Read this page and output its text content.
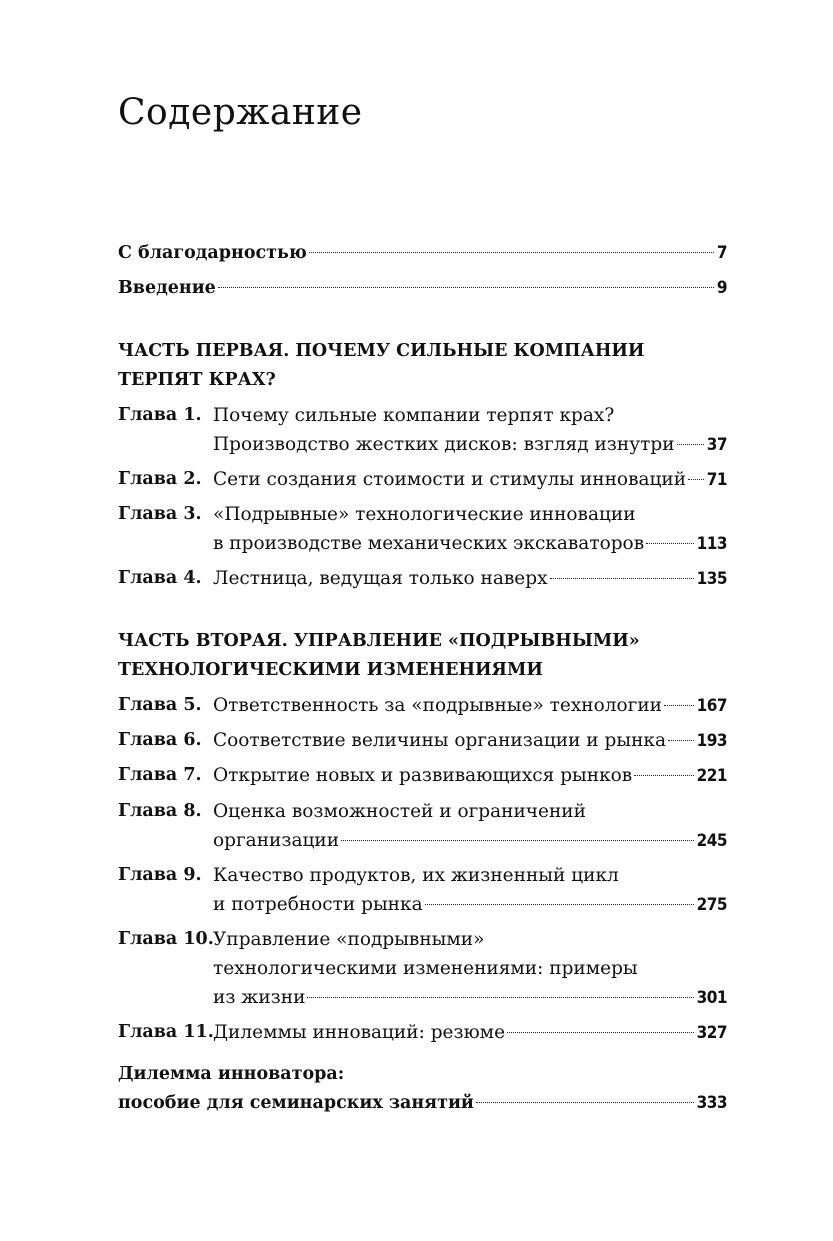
Содержание
С благодарностью	7
Введение	9
ЧАСТЬ ПЕРВАЯ. ПОЧЕМУ СИЛЬНЫЕ КОМПАНИИ
ТЕРПЯТ КРАХ?
Глава 1. Почему сильные компании терпят крах?
Производство жестких дисков: взгляд изнутри 37
Глава 2. Сети создания стоимости и стимулы инноваций 71
Глава 3. «Подрывные» технологические инновации
в производстве механических экскаваторов	113
Глава 4. Лестница, ведущая только наверх	135
ЧАСТЬ ВТОРАЯ. УПРАВЛЕНИЕ «ПОДРЫВНЫМИ»
ТЕХНОЛОГИЧЕСКИМИ ИЗМЕНЕНИЯМИ
Глава 5. Ответственность за «подрывные» технологии 167
Глава 6. Соответствие величины организации и рынка 193
Глава 7. Открытие новых и развивающихся рынков	221
Глава 8. Оценка возможностей и ограничений
организации	245
Глава 9. Качество продуктов, их жизненный цикл
и потребности рынка	275
Глава 10. Управление «подрывными»
технологическими изменениями: примеры
из жизни	301
Глава 11. Дилеммы инноваций: резюме	327
Дилемма инноватора:
пособие для семинарских занятий	333
